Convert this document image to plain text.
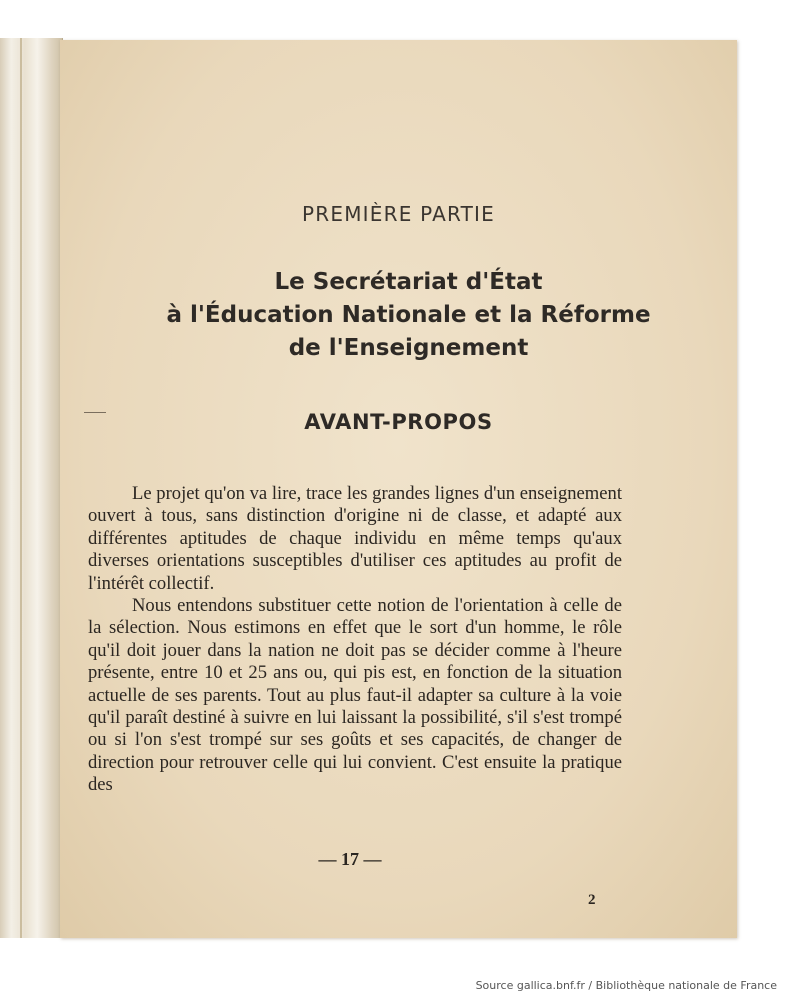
PREMIÈRE PARTIE
Le Secrétariat d'État
à l'Éducation Nationale et la Réforme
de l'Enseignement
AVANT-PROPOS

Le projet qu'on va lire, trace les grandes lignes d'un enseignement ouvert à tous, sans distinction d'origine ni de classe, et adapté aux différentes aptitudes de chaque individu en même temps qu'aux diverses orientations susceptibles d'utiliser ces aptitudes au profit de l'intérêt collectif.

Nous entendons substituer cette notion de l'orientation à celle de la sélection. Nous estimons en effet que le sort d'un homme, le rôle qu'il doit jouer dans la nation ne doit pas se décider comme à l'heure présente, entre 10 et 25 ans ou, qui pis est, en fonction de la situation actuelle de ses parents. Tout au plus faut-il adapter sa culture à la voie qu'il paraît destiné à suivre en lui laissant la possibilité, s'il s'est trompé ou si l'on s'est trompé sur ses goûts et ses capacités, de changer de direction pour retrouver celle qui lui convient. C'est ensuite la pratique des

— 17 —
2
Source gallica.bnf.fr / Bibliothèque nationale de France
